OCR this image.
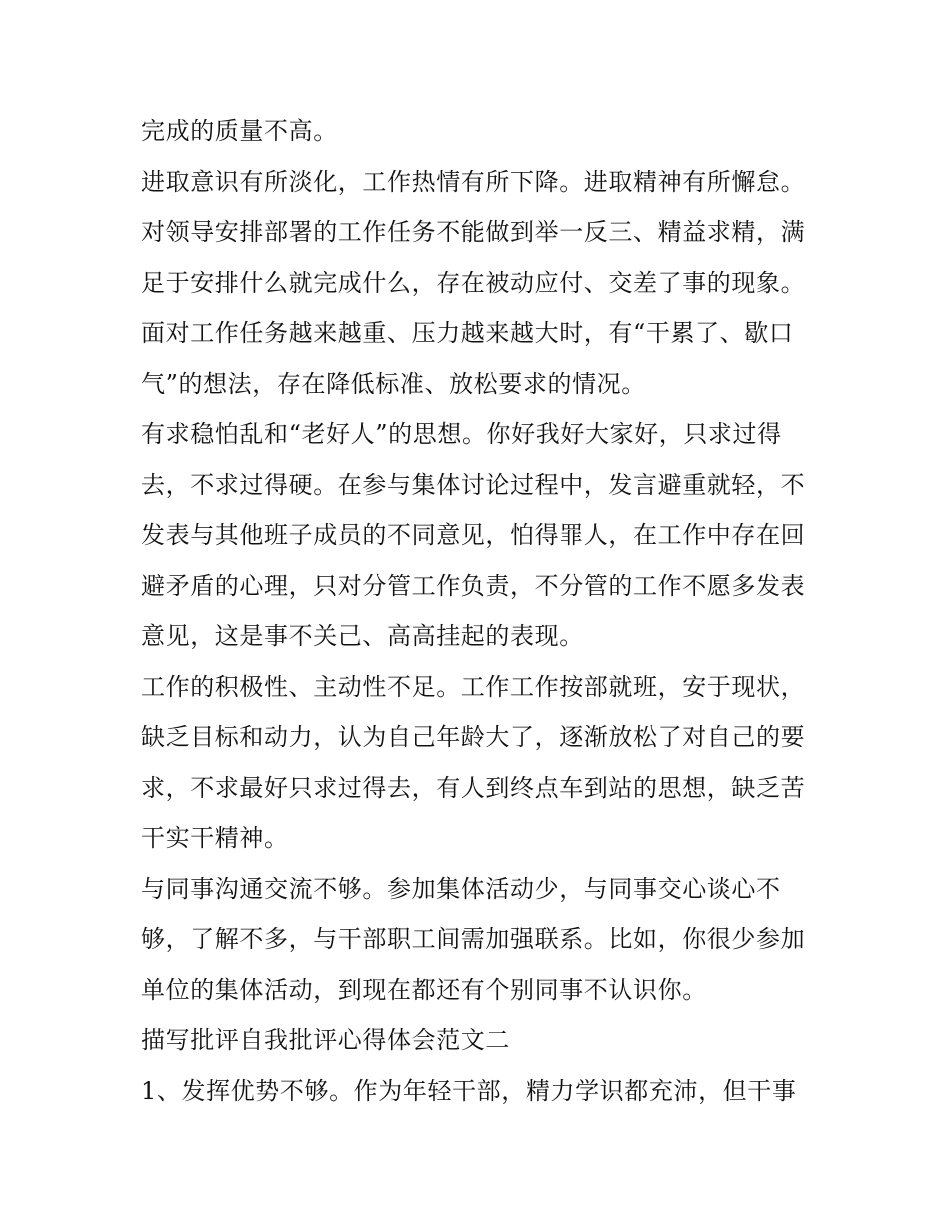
完成的质量不高。
进取意识有所淡化，工作热情有所下降。进取精神有所懈怠。
对领导安排部署的工作任务不能做到举一反三、精益求精，满
足于安排什么就完成什么，存在被动应付、交差了事的现象。
面对工作任务越来越重、压力越来越大时，有“干累了、歇口
气”的想法，存在降低标准、放松要求的情况。
有求稳怕乱和“老好人”的思想。你好我好大家好，只求过得
去，不求过得硬。在参与集体讨论过程中，发言避重就轻，不
发表与其他班子成员的不同意见，怕得罪人，在工作中存在回
避矛盾的心理，只对分管工作负责，不分管的工作不愿多发表
意见，这是事不关己、高高挂起的表现。
工作的积极性、主动性不足。工作工作按部就班，安于现状，
缺乏目标和动力，认为自己年龄大了，逐渐放松了对自己的要
求，不求最好只求过得去，有人到终点车到站的思想，缺乏苦
干实干精神。
与同事沟通交流不够。参加集体活动少，与同事交心谈心不
够，了解不多，与干部职工间需加强联系。比如，你很少参加
单位的集体活动，到现在都还有个别同事不认识你。
描写批评自我批评心得体会范文二
1、发挥优势不够。作为年轻干部，精力学识都充沛，但干事
